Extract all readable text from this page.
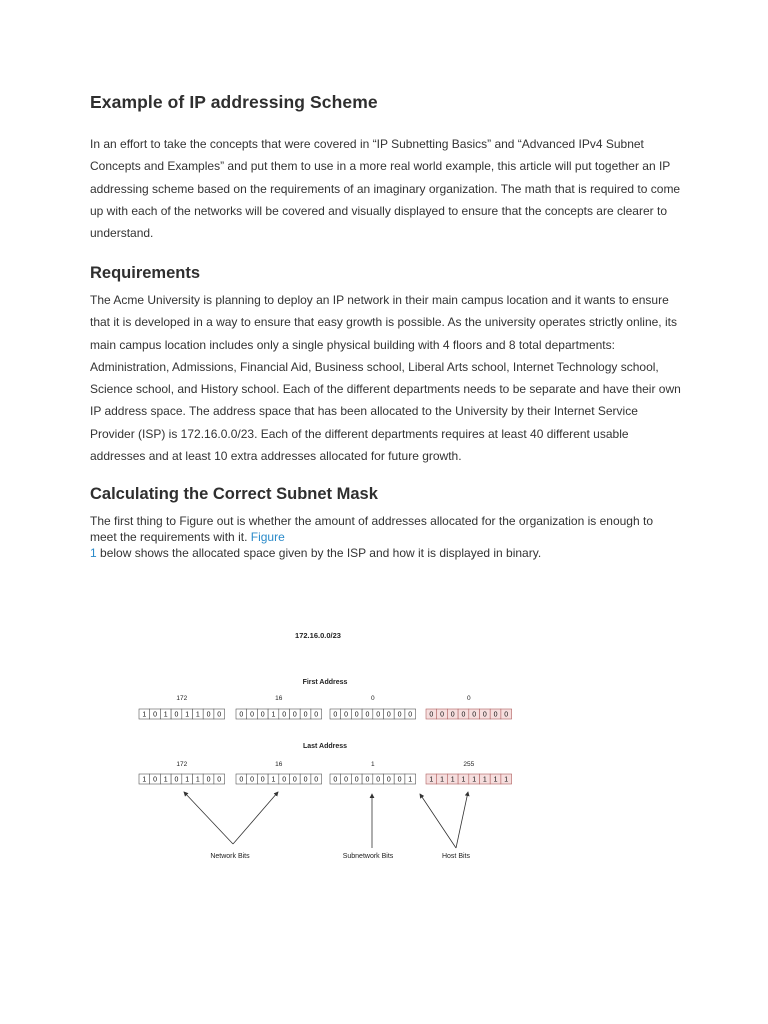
Example of IP addressing Scheme

In an effort to take the concepts that were covered in “IP Subnetting Basics” and “Advanced IPv4 Subnet Concepts and Examples” and put them to use in a more real world example, this article will put together an IP addressing scheme based on the requirements of an imaginary organization. The math that is required to come up with each of the networks will be covered and visually displayed to ensure that the concepts are clearer to understand.

Requirements

The Acme University is planning to deploy an IP network in their main campus location and it wants to ensure that it is developed in a way to ensure that easy growth is possible. As the university operates strictly online, its main campus location includes only a single physical building with 4 floors and 8 total departments: Administration, Admissions, Financial Aid, Business school, Liberal Arts school, Internet Technology school, Science school, and History school. Each of the different departments needs to be separate and have their own IP address space. The address space that has been allocated to the University by their Internet Service Provider (ISP) is 172.16.0.0/23. Each of the different departments requires at least 40 different usable addresses and at least 10 extra addresses allocated for future growth.

Calculating the Correct Subnet Mask

The first thing to Figure out is whether the amount of addresses allocated for the organization is enough to meet the requirements with it. Figure
1 below shows the allocated space given by the ISP and how it is displayed in binary.

172.16.0.0/23
First Address
Last Address
172
1 0 1 0 1 1 0 0
16
0 0 0 1 0 0 0 0
0
0 0 0 0 0 0 0 0
0
0 0 0 0 0 0 0 0
172
1 0 1 0 1 1 0 0
16
0 0 0 1 0 0 0 0
1
0 0 0 0 0 0 0 1
255
1 1 1 1 1 1 1 1
Network Bits	Subnetwork Bits	Host Bits
